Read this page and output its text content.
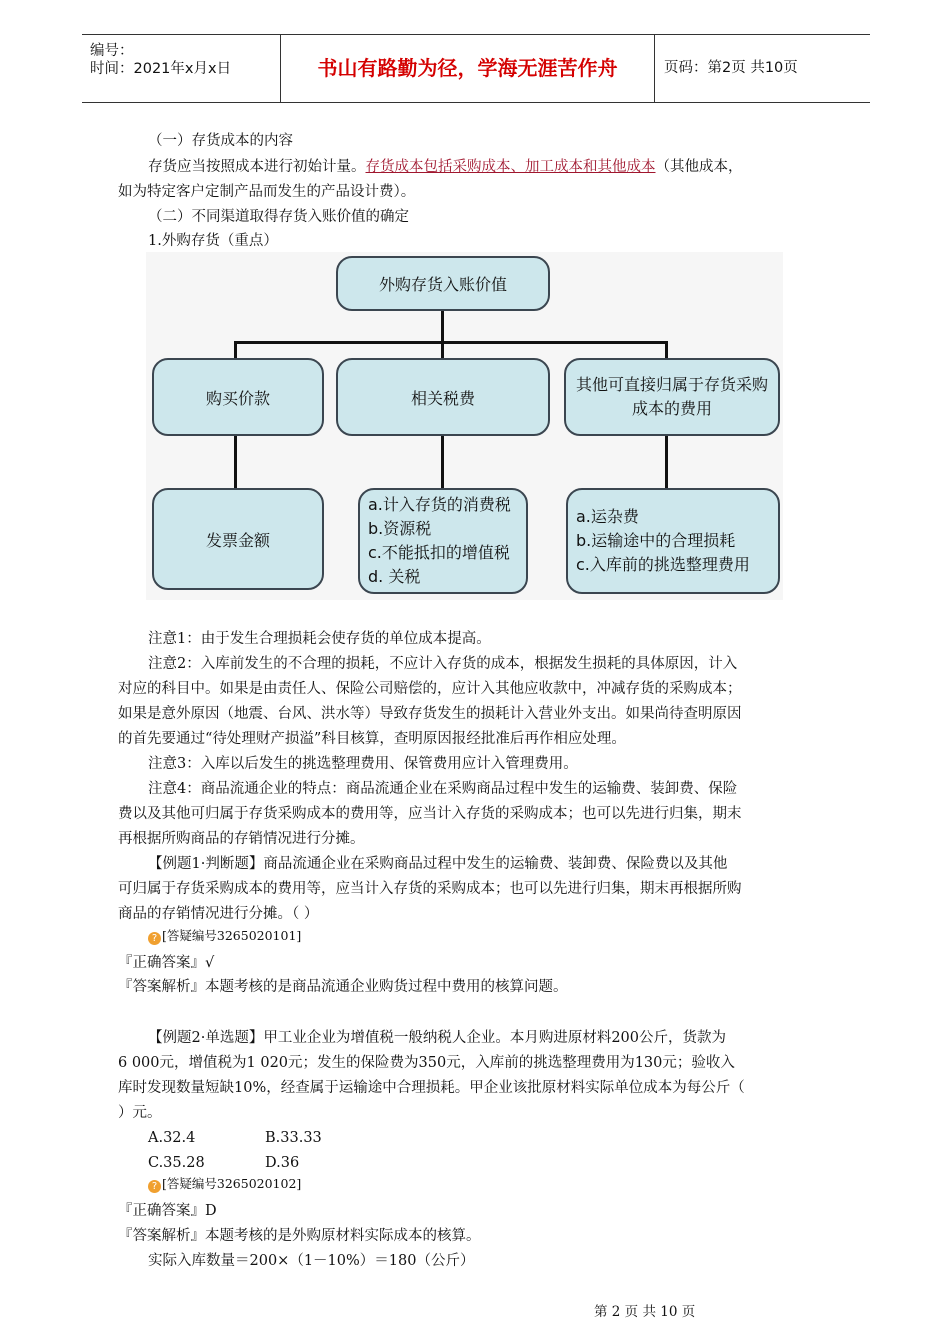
编号：
时间：2021年x月x日	书山有路勤为径，学海无涯苦作舟	页码：第2页 共10页
（一）存货成本的内容
存货应当按照成本进行初始计量。存货成本包括采购成本、加工成本和其他成本（其他成本，
如为特定客户定制产品而发生的产品设计费）。
（二）不同渠道取得存货入账价值的确定
1.外购存货（重点）
外购存货入账价值
购买价款	相关税费
其他可直接归属于存货采购成本的费用
发票金额
a.计入存货的消费税
b.资源税
c.不能抵扣的增值税
d. 关税
a.运杂费
b.运输途中的合理损耗
c.入库前的挑选整理费用
注意1：由于发生合理损耗会使存货的单位成本提高。
注意2：入库前发生的不合理的损耗，不应计入存货的成本，根据发生损耗的具体原因，计入
对应的科目中。如果是由责任人、保险公司赔偿的，应计入其他应收款中，冲减存货的采购成本；
如果是意外原因（地震、台风、洪水等）导致存货发生的损耗计入营业外支出。如果尚待查明原因
的首先要通过“待处理财产损溢”科目核算，查明原因报经批准后再作相应处理。
注意3：入库以后发生的挑选整理费用、保管费用应计入管理费用。
注意4：商品流通企业的特点：商品流通企业在采购商品过程中发生的运输费、装卸费、保险
费以及其他可归属于存货采购成本的费用等，应当计入存货的采购成本；也可以先进行归集，期末
再根据所购商品的存销情况进行分摊。
【例题1·判断题】商品流通企业在采购商品过程中发生的运输费、装卸费、保险费以及其他
可归属于存货采购成本的费用等，应当计入存货的采购成本；也可以先进行归集，期末再根据所购
商品的存销情况进行分摊。（ ）
? [答疑编号3265020101]
『正确答案』√
『答案解析』本题考核的是商品流通企业购货过程中费用的核算问题。
【例题2·单选题】甲工业企业为增值税一般纳税人企业。本月购进原材料200公斤，货款为
6 000元，增值税为1 020元；发生的保险费为350元，入库前的挑选整理费用为130元；验收入
库时发现数量短缺10%，经查属于运输途中合理损耗。甲企业该批原材料实际单位成本为每公斤（
）元。
A.32.4	B.33.33
C.35.28	D.36
? [答疑编号3265020102]
『正确答案』D
『答案解析』本题考核的是外购原材料实际成本的核算。
实际入库数量＝200×（1－10%）＝180（公斤）
第 2 页 共 10 页
